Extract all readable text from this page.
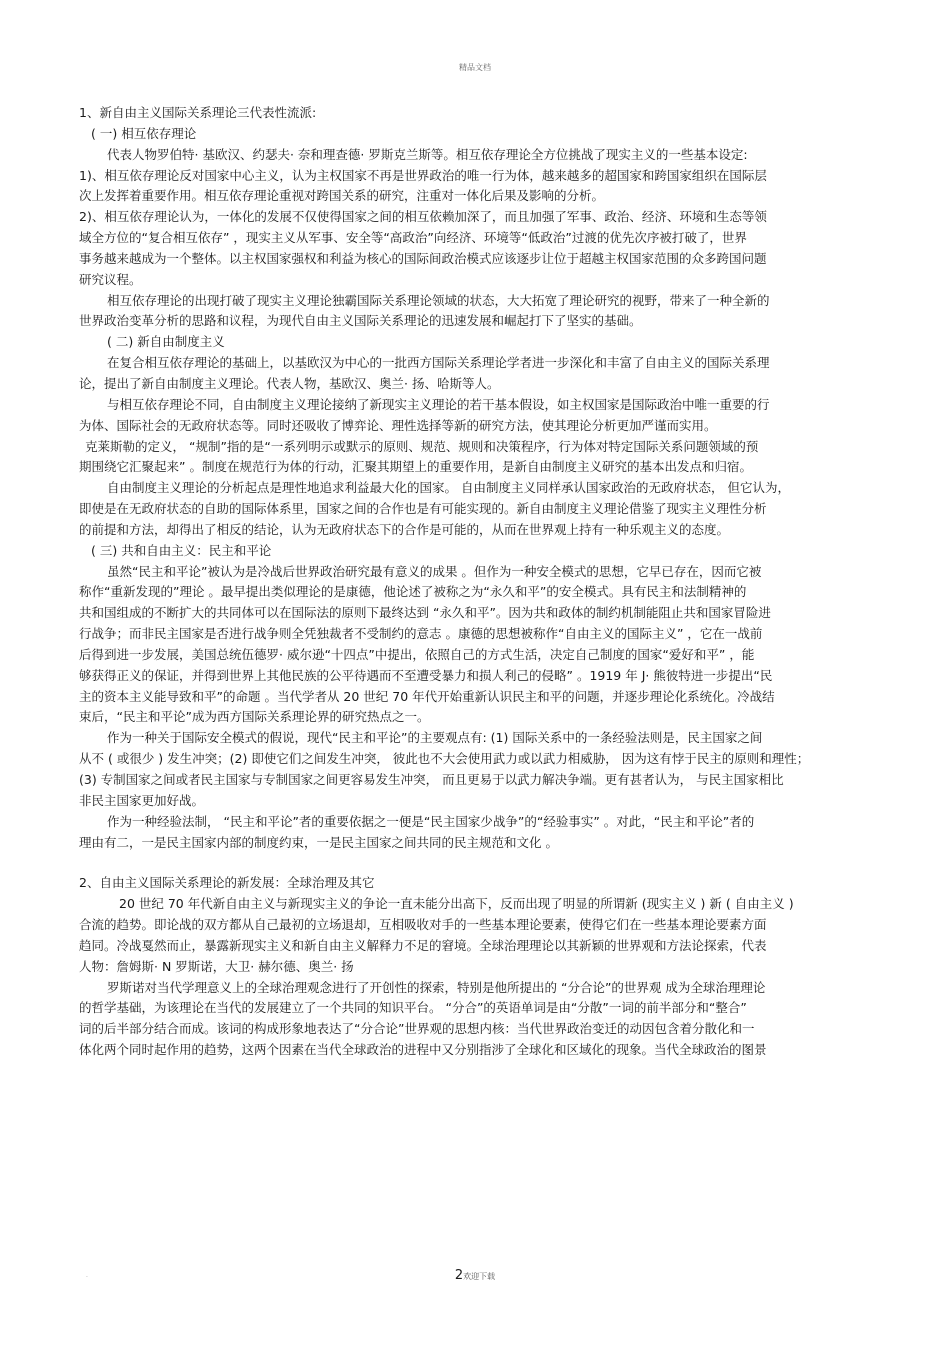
精品文档
1、新自由主义国际关系理论三代表性流派:
( 一) 相互依存理论
代表人物罗伯特· 基欧汉、约瑟夫· 奈和理查德· 罗斯克兰斯等。相互依存理论全方位挑战了现实主义的一些基本设定:
1)、相互依存理论反对国家中心主义，认为主权国家不再是世界政治的唯一行为体，越来越多的超国家和跨国家组织在国际层
次上发挥着重要作用。相互依存理论重视对跨国关系的研究，注重对一体化后果及影响的分析。
2)、相互依存理论认为，一体化的发展不仅使得国家之间的相互依赖加深了，而且加强了军事、政治、经济、环境和生态等领
域全方位的“复合相互依存” ，现实主义从军事、安全等“高政治”向经济、环境等“低政治”过渡的优先次序被打破了，世界
事务越来越成为一个整体。以主权国家强权和利益为核心的国际间政治模式应该逐步让位于超越主权国家范围的众多跨国问题
研究议程。
相互依存理论的出现打破了现实主义理论独霸国际关系理论领域的状态，大大拓宽了理论研究的视野，带来了一种全新的
世界政治变革分析的思路和议程，为现代自由主义国际关系理论的迅速发展和崛起打下了坚实的基础。
( 二) 新自由制度主义
在复合相互依存理论的基础上，以基欧汉为中心的一批西方国际关系理论学者进一步深化和丰富了自由主义的国际关系理
论，提出了新自由制度主义理论。代表人物，基欧汉、奥兰· 扬、哈斯等人。
与相互依存理论不同，自由制度主义理论接纳了新现实主义理论的若干基本假设，如主权国家是国际政治中唯一重要的行
为体、国际社会的无政府状态等。同时还吸收了博弈论、理性选择等新的研究方法，使其理论分析更加严谨而实用。
克莱斯勒的定义， “规制”指的是“一系列明示或默示的原则、规范、规则和决策程序，行为体对特定国际关系问题领域的预
期围绕它汇聚起来” 。制度在规范行为体的行动，汇聚其期望上的重要作用，是新自由制度主义研究的基本出发点和归宿。
自由制度主义理论的分析起点是理性地追求利益最大化的国家。 自由制度主义同样承认国家政治的无政府状态， 但它认为，
即使是在无政府状态的自助的国际体系里，国家之间的合作也是有可能实现的。新自由制度主义理论借鉴了现实主义理性分析
的前提和方法，却得出了相反的结论，认为无政府状态下的合作是可能的，从而在世界观上持有一种乐观主义的态度。
( 三) 共和自由主义：民主和平论
虽然“民主和平论”被认为是冷战后世界政治研究最有意义的成果 。但作为一种安全模式的思想，它早已存在，因而它被
称作“重新发现的”理论 。最早提出类似理论的是康德，他论述了被称之为“永久和平”的安全模式。具有民主和法制精神的
共和国组成的不断扩大的共同体可以在国际法的原则下最终达到 “永久和平”。因为共和政体的制约机制能阻止共和国家冒险进
行战争；而非民主国家是否进行战争则全凭独裁者不受制约的意志 。康德的思想被称作“自由主义的国际主义” ，它在一战前
后得到进一步发展，美国总统伍德罗· 威尔逊“十四点”中提出，依照自己的方式生活，决定自己制度的国家“爱好和平” ，能
够获得正义的保证，并得到世界上其他民族的公平待遇而不至遭受暴力和损人利己的侵略” 。1919 年 J· 熊彼特进一步提出“民
主的资本主义能导致和平”的命题 。当代学者从 20 世纪 70 年代开始重新认识民主和平的问题，并逐步理论化系统化。冷战结
束后，“民主和平论”成为西方国际关系理论界的研究热点之一。
作为一种关于国际安全模式的假说，现代“民主和平论”的主要观点有: (1) 国际关系中的一条经验法则是，民主国家之间
从不 ( 或很少 ) 发生冲突；(2) 即使它们之间发生冲突， 彼此也不大会使用武力或以武力相威胁， 因为这有悖于民主的原则和理性；
(3) 专制国家之间或者民主国家与专制国家之间更容易发生冲突， 而且更易于以武力解决争端。更有甚者认为， 与民主国家相比
非民主国家更加好战。
作为一种经验法制， “民主和平论”者的重要依据之一便是“民主国家少战争”的“经验事实” 。对此，“民主和平论”者的
理由有二，一是民主国家内部的制度约束，一是民主国家之间共同的民主规范和文化 。
2、自由主义国际关系理论的新发展：全球治理及其它
20 世纪 70 年代新自由主义与新现实主义的争论一直未能分出高下，反而出现了明显的所谓新 (现实主义 ) 新 ( 自由主义 )
合流的趋势。即论战的双方都从自己最初的立场退却，互相吸收对手的一些基本理论要素，使得它们在一些基本理论要素方面
趋同。冷战戛然而止，暴露新现实主义和新自由主义解释力不足的窘境。全球治理理论以其新颖的世界观和方法论探索，代表
人物：詹姆斯· N 罗斯诺，大卫· 赫尔德、奥兰· 扬
罗斯诺对当代学理意义上的全球治理观念进行了开创性的探索，特别是他所提出的 “分合论”的世界观 成为全球治理理论
的哲学基础，为该理论在当代的发展建立了一个共同的知识平台。 “分合”的英语单词是由“分散”一词的前半部分和“整合”
词的后半部分结合而成。该词的构成形象地表达了“分合论”世界观的思想内核：当代世界政治变迁的动因包含着分散化和一
体化两个同时起作用的趋势，这两个因素在当代全球政治的进程中又分别指涉了全球化和区域化的现象。当代全球政治的图景
.	2欢迎下载
